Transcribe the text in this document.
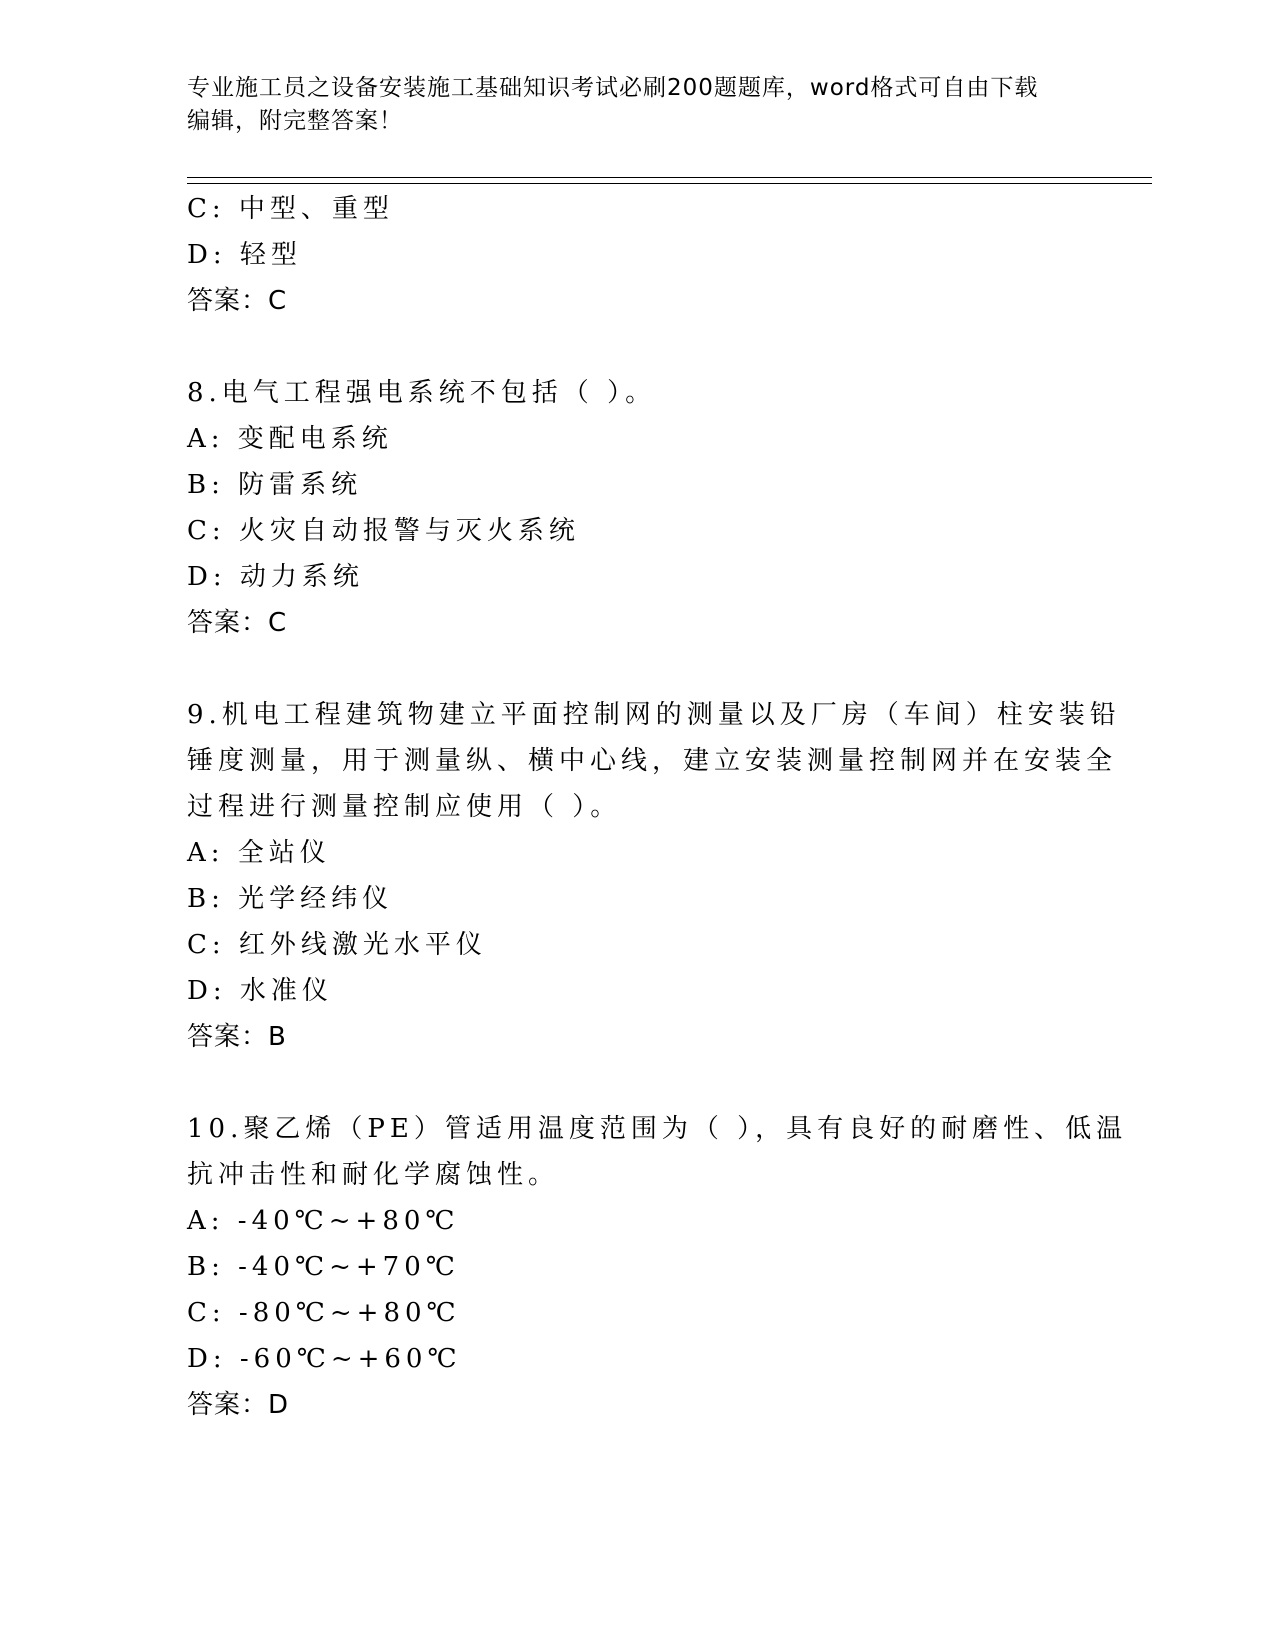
专业施工员之设备安装施工基础知识考试必刷200题题库，word格式可自由下载
编辑，附完整答案！
C: 中型、重型
D: 轻型
答案：C
8.电气工程强电系统不包括（ ）。
A: 变配电系统
B: 防雷系统
C: 火灾自动报警与灭火系统
D: 动力系统
答案：C
9.机电工程建筑物建立平面控制网的测量以及厂房（车间）柱安装铅
锤度测量，用于测量纵、横中心线，建立安装测量控制网并在安装全
过程进行测量控制应使用（ ）。
A: 全站仪
B: 光学经纬仪
C: 红外线激光水平仪
D: 水准仪
答案：B
10.聚乙烯（PE）管适用温度范围为（ ），具有良好的耐磨性、低温
抗冲击性和耐化学腐蚀性。
A: -40℃~+80℃
B: -40℃~+70℃
C: -80℃~+80℃
D: -60℃~+60℃
答案：D
